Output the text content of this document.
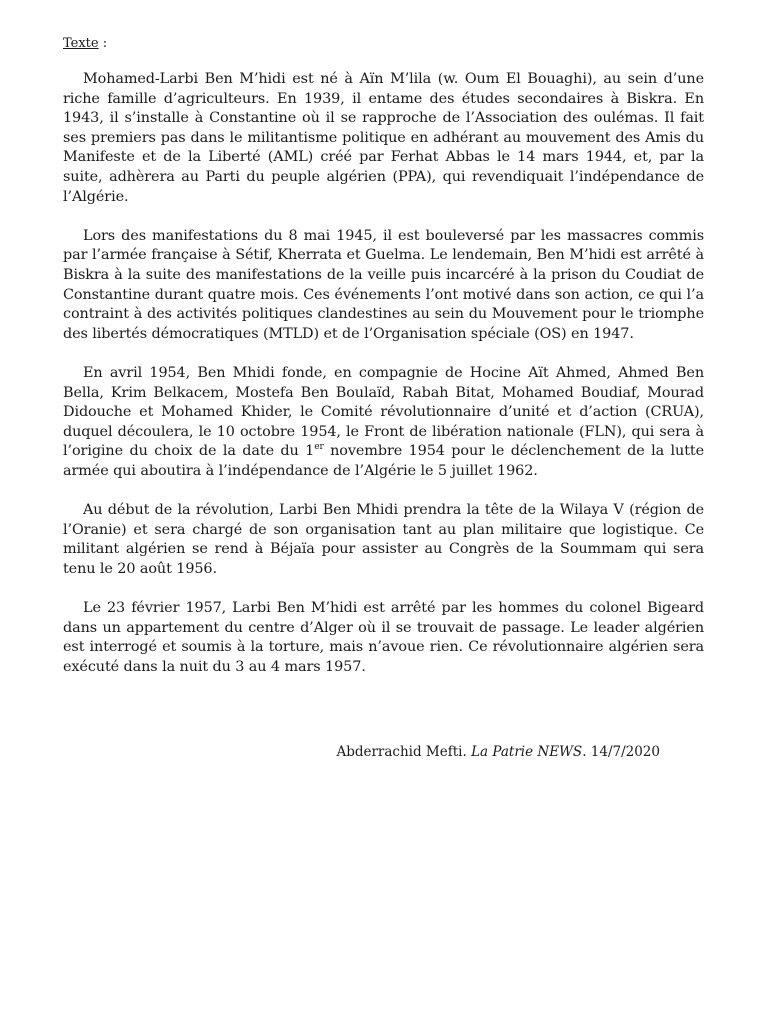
Texte :

Mohamed-Larbi Ben M’hidi est né à Aïn M’lila (w. Oum El Bouaghi), au sein d’une riche famille d’agriculteurs. En 1939, il entame des études secondaires à Biskra. En 1943, il s’installe à Constantine où il se rapproche de l’Association des oulémas. Il fait ses premiers pas dans le militantisme politique en adhérant au mouvement des Amis du Manifeste et de la Liberté (AML) créé par Ferhat Abbas le 14 mars 1944, et, par la suite, adhèrera au Parti du peuple algérien (PPA), qui revendiquait l’indépendance de l’Algérie.

Lors des manifestations du 8 mai 1945, il est bouleversé par les massacres commis par l’armée française à Sétif, Kherrata et Guelma. Le lendemain, Ben M’hidi est arrêté à Biskra à la suite des manifestations de la veille puis incarcéré à la prison du Coudiat de Constantine durant quatre mois. Ces événements l’ont motivé dans son action, ce qui l’a contraint à des activités politiques clandestines au sein du Mouvement pour le triomphe des libertés démocratiques (MTLD) et de l’Organisation spéciale (OS) en 1947.

En avril 1954, Ben Mhidi fonde, en compagnie de Hocine Aït Ahmed, Ahmed Ben Bella, Krim Belkacem, Mostefa Ben Boulaïd, Rabah Bitat, Mohamed Boudiaf, Mourad Didouche et Mohamed Khider, le Comité révolutionnaire d’unité et d’action (CRUA), duquel découlera, le 10 octobre 1954, le Front de libération nationale (FLN), qui sera à l’origine du choix de la date du 1er novembre 1954 pour le déclenchement de la lutte armée qui aboutira à l’indépendance de l’Algérie le 5 juillet 1962.

Au début de la révolution, Larbi Ben Mhidi prendra la tête de la Wilaya V (région de l’Oranie) et sera chargé de son organisation tant au plan militaire que logistique. Ce militant algérien se rend à Béjaïa pour assister au Congrès de la Soummam qui sera tenu le 20 août 1956.

Le 23 février 1957, Larbi Ben M’hidi est arrêté par les hommes du colonel Bigeard dans un appartement du centre d’Alger où il se trouvait de passage. Le leader algérien est interrogé et soumis à la torture, mais n’avoue rien. Ce révolutionnaire algérien sera exécuté dans la nuit du 3 au 4 mars 1957.

Abderrachid Mefti. La Patrie NEWS. 14/7/2020
